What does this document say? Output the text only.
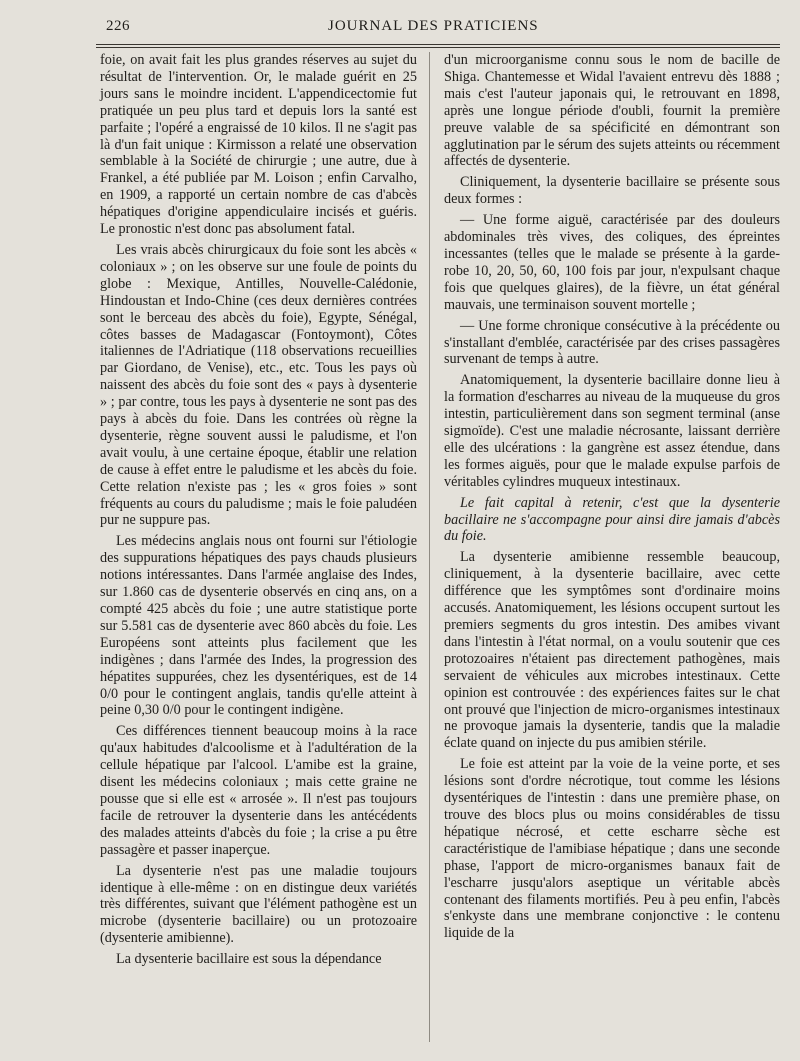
226	JOURNAL DES PRATICIENS

foie, on avait fait les plus grandes réserves au sujet du résultat de l'intervention. Or, le malade guérit en 25 jours sans le moindre incident. L'appendicectomie fut pratiquée un peu plus tard et depuis lors la santé est parfaite ; l'opéré a engraissé de 10 kilos. Il ne s'agit pas là d'un fait unique : Kirmisson a relaté une observation semblable à la Société de chirurgie ; une autre, due à Frankel, a été publiée par M. Loison ; enfin Carvalho, en 1909, a rapporté un certain nombre de cas d'abcès hépatiques d'origine appendiculaire incisés et guéris. Le pronostic n'est donc pas absolument fatal.

Les vrais abcès chirurgicaux du foie sont les abcès « coloniaux » ; on les observe sur une foule de points du globe : Mexique, Antilles, Nouvelle-Calédonie, Hindoustan et Indo-Chine (ces deux dernières contrées sont le berceau des abcès du foie), Egypte, Sénégal, côtes basses de Madagascar (Fontoymont), Côtes italiennes de l'Adriatique (118 observations recueillies par Giordano, de Venise), etc., etc. Tous les pays où naissent des abcès du foie sont des « pays à dysenterie » ; par contre, tous les pays à dysenterie ne sont pas des pays à abcès du foie. Dans les contrées où règne la dysenterie, règne souvent aussi le paludisme, et l'on avait voulu, à une certaine époque, établir une relation de cause à effet entre le paludisme et les abcès du foie. Cette relation n'existe pas ; les « gros foies » sont fréquents au cours du paludisme ; mais le foie paludéen pur ne suppure pas.

Les médecins anglais nous ont fourni sur l'étiologie des suppurations hépatiques des pays chauds plusieurs notions intéressantes. Dans l'armée anglaise des Indes, sur 1.860 cas de dysenterie observés en cinq ans, on a compté 425 abcès du foie ; une autre statistique porte sur 5.581 cas de dysenterie avec 860 abcès du foie. Les Européens sont atteints plus facilement que les indigènes ; dans l'armée des Indes, la progression des hépatites suppurées, chez les dysentériques, est de 14 0/0 pour le contingent anglais, tandis qu'elle atteint à peine 0,30 0/0 pour le contingent indigène.

Ces différences tiennent beaucoup moins à la race qu'aux habitudes d'alcoolisme et à l'adultération de la cellule hépatique par l'alcool. L'amibe est la graine, disent les médecins coloniaux ; mais cette graine ne pousse que si elle est « arrosée ». Il n'est pas toujours facile de retrouver la dysenterie dans les antécédents des malades atteints d'abcès du foie ; la crise a pu être passagère et passer inaperçue.

La dysenterie n'est pas une maladie toujours identique à elle-même : on en distingue deux variétés très différentes, suivant que l'élément pathogène est un microbe (dysenterie bacillaire) ou un protozoaire (dysenterie amibienne).

La dysenterie bacillaire est sous la dépendance

d'un microorganisme connu sous le nom de bacille de Shiga. Chantemesse et Widal l'avaient entrevu dès 1888 ; mais c'est l'auteur japonais qui, le retrouvant en 1898, après une longue période d'oubli, fournit la première preuve valable de sa spécificité en démontrant son agglutination par le sérum des sujets atteints ou récemment affectés de dysenterie.

Cliniquement, la dysenterie bacillaire se présente sous deux formes :

— Une forme aiguë, caractérisée par des douleurs abdominales très vives, des coliques, des épreintes incessantes (telles que le malade se présente à la garde-robe 10, 20, 50, 60, 100 fois par jour, n'expulsant chaque fois que quelques glaires), de la fièvre, un état général mauvais, une terminaison souvent mortelle ;

— Une forme chronique consécutive à la précédente ou s'installant d'emblée, caractérisée par des crises passagères survenant de temps à autre.

Anatomiquement, la dysenterie bacillaire donne lieu à la formation d'escharres au niveau de la muqueuse du gros intestin, particulièrement dans son segment terminal (anse sigmoïde). C'est une maladie nécrosante, laissant derrière elle des ulcérations : la gangrène est assez étendue, dans les formes aiguës, pour que le malade expulse parfois de véritables cylindres muqueux intestinaux.

Le fait capital à retenir, c'est que la dysenterie bacillaire ne s'accompagne pour ainsi dire jamais d'abcès du foie.

La dysenterie amibienne ressemble beaucoup, cliniquement, à la dysenterie bacillaire, avec cette différence que les symptômes sont d'ordinaire moins accusés. Anatomiquement, les lésions occupent surtout les premiers segments du gros intestin. Des amibes vivant dans l'intestin à l'état normal, on a voulu soutenir que ces protozoaires n'étaient pas directement pathogènes, mais servaient de véhicules aux microbes intestinaux. Cette opinion est controuvée : des expériences faites sur le chat ont prouvé que l'injection de micro-organismes intestinaux ne provoque jamais la dysenterie, tandis que la maladie éclate quand on injecte du pus amibien stérile.

Le foie est atteint par la voie de la veine porte, et ses lésions sont d'ordre nécrotique, tout comme les lésions dysentériques de l'intestin : dans une première phase, on trouve des blocs plus ou moins considérables de tissu hépatique nécrosé, et cette escharre sèche est caractéristique de l'amibiase hépatique ; dans une seconde phase, l'apport de micro-organismes banaux fait de l'escharre jusqu'alors aseptique un véritable abcès contenant des filaments mortifiés. Peu à peu enfin, l'abcès s'enkyste dans une membrane conjonctive : le contenu liquide de la
